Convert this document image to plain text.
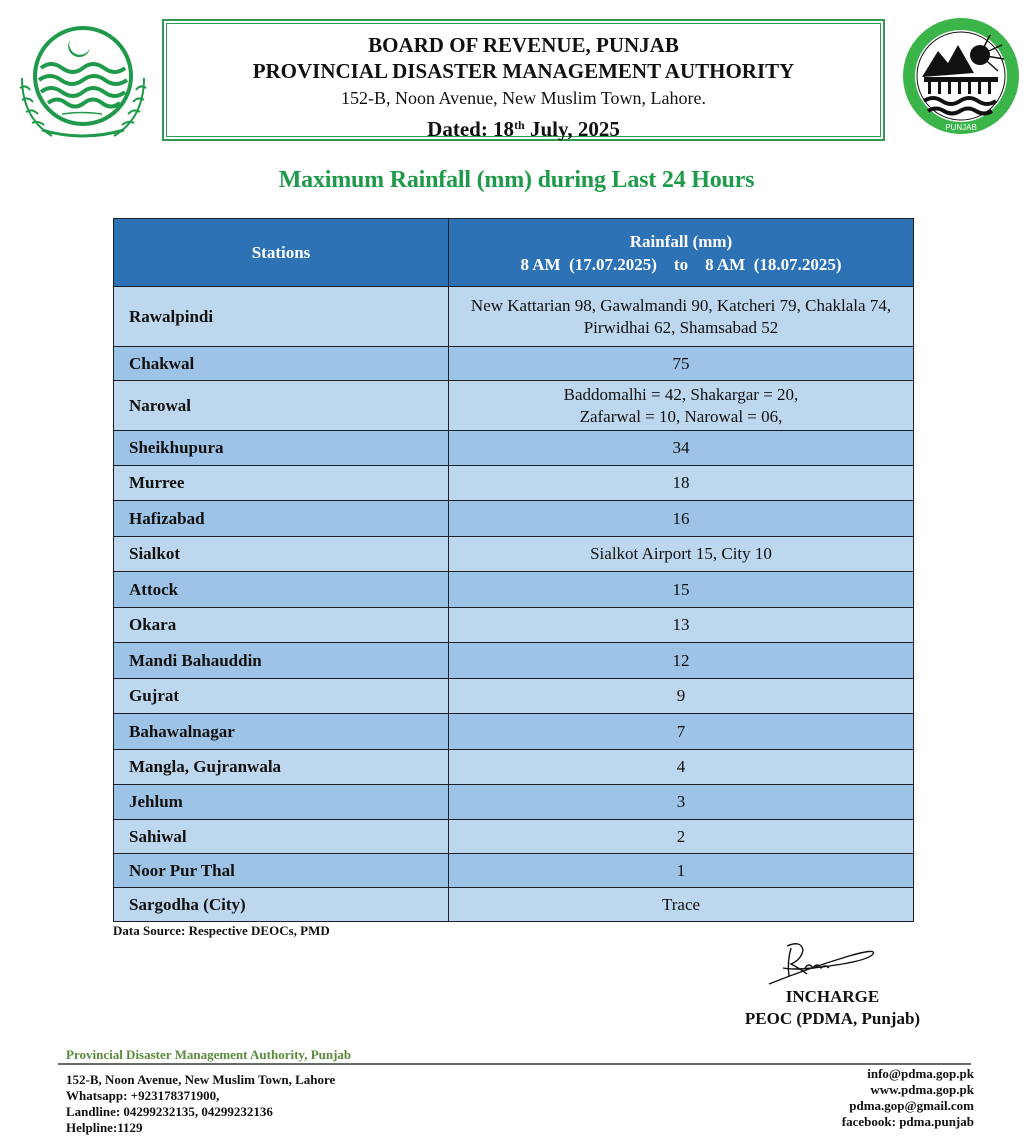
BOARD OF REVENUE, PUNJAB
PROVINCIAL DISASTER MANAGEMENT AUTHORITY
152-B, Noon Avenue, New Muslim Town, Lahore.
Dated: 18th July, 2025	PUNJAB
Maximum Rainfall (mm) during Last 24 Hours
Stations	Rainfall (mm)
8 AM  (17.07.2025)    to    8 AM  (18.07.2025)

Rawalpindi	New Kattarian 98, Gawalmandi 90, Katcheri 79, Chaklala 74, Pirwidhai 62, Shamsabad 52
Chakwal	75
Narowal	Baddomalhi = 42, Shakargar = 20, Zafarwal = 10, Narowal = 06,
Sheikhupura	34
Murree	18
Hafizabad	16
Sialkot	Sialkot Airport 15, City 10
Attock	15
Okara	13
Mandi Bahauddin	12
Gujrat	9
Bahawalnagar	7
Mangla, Gujranwala	4
Jehlum	3
Sahiwal	2
Noor Pur Thal	1
Sargodha (City)	Trace
Data Source: Respective DEOCs, PMD
INCHARGE
PEOC (PDMA, Punjab)
Provincial Disaster Management Authority, Punjab
152-B, Noon Avenue, New Muslim Town, Lahore
Whatsapp: +923178371900,
Landline: 04299232135, 04299232136
Helpline:1129
info@pdma.gop.pk
www.pdma.gop.pk
pdma.gop@gmail.com
facebook: pdma.punjab
